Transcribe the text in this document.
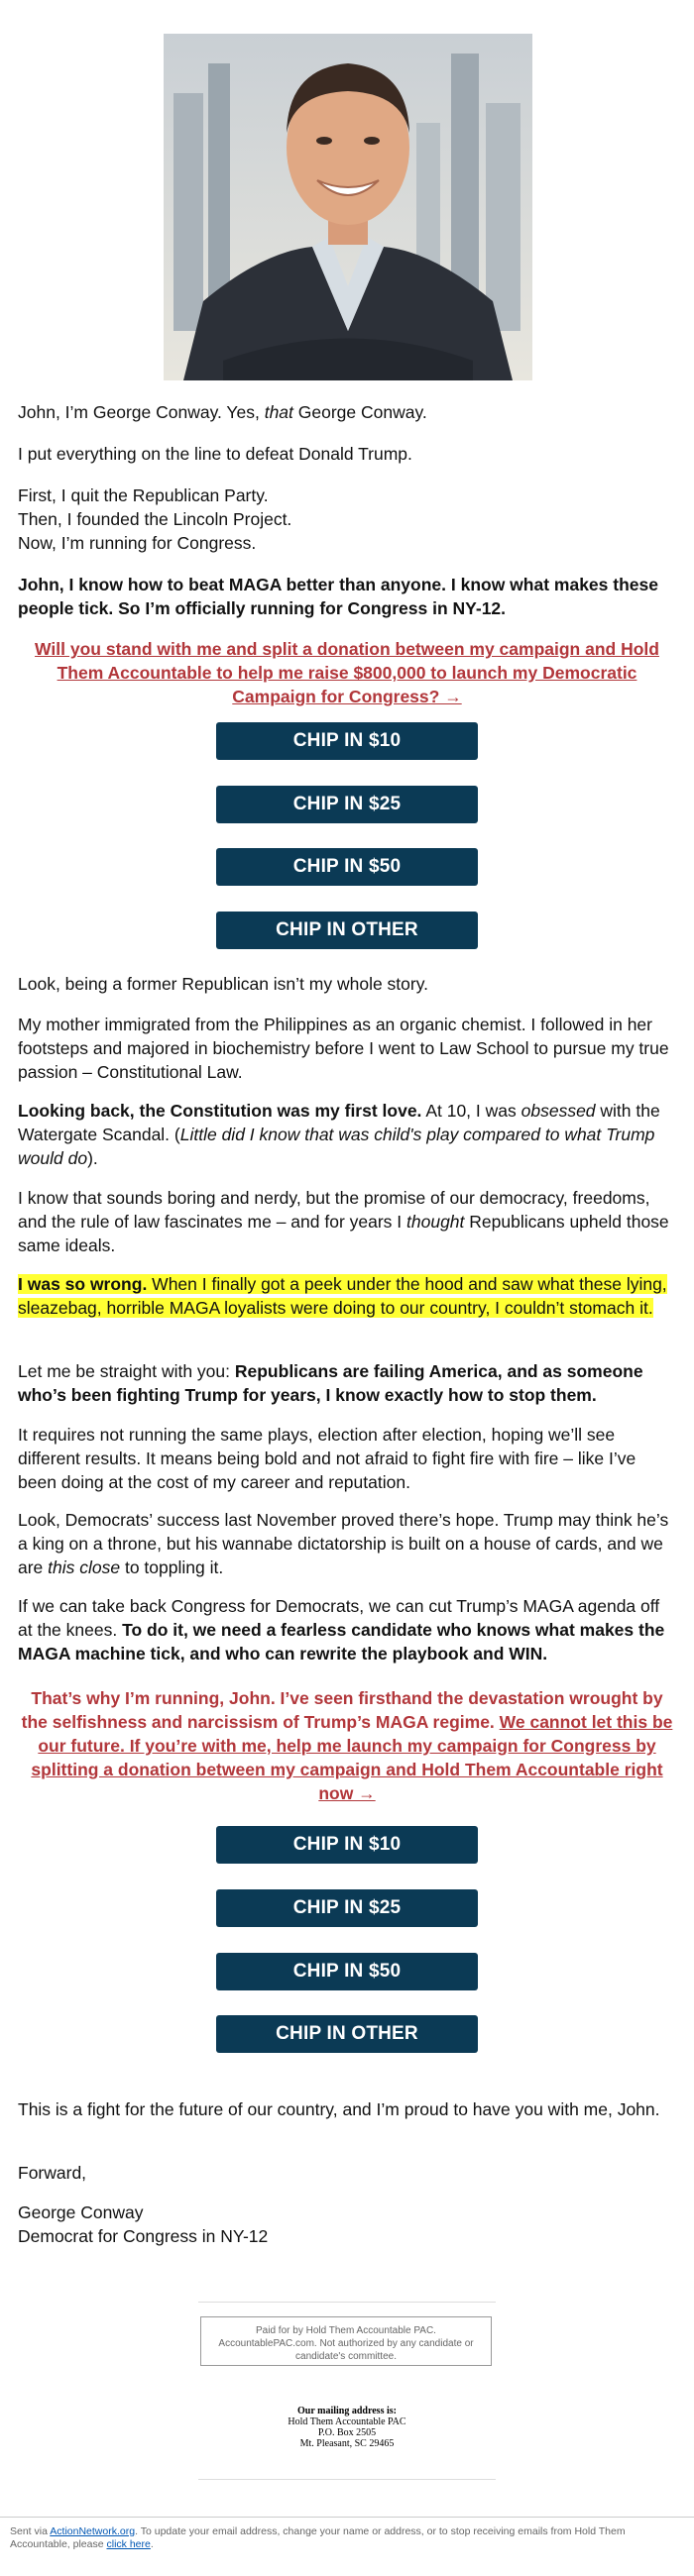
John, I’m George Conway. Yes, that George Conway.

I put everything on the line to defeat Donald Trump.

First, I quit the Republican Party.
Then, I founded the Lincoln Project.
Now, I’m running for Congress.

John, I know how to beat MAGA better than anyone. I know what makes these people tick. So I’m officially running for Congress in NY-12.

Will you stand with me and split a donation between my campaign and Hold Them Accountable to help me raise $800,000 to launch my Democratic Campaign for Congress? →

CHIP IN $10
CHIP IN $25
CHIP IN $50
CHIP IN OTHER

Look, being a former Republican isn’t my whole story.

My mother immigrated from the Philippines as an organic chemist. I followed in her footsteps and majored in biochemistry before I went to Law School to pursue my true passion – Constitutional Law.

Looking back, the Constitution was my first love. At 10, I was obsessed with the Watergate Scandal. (Little did I know that was child's play compared to what Trump would do).

I know that sounds boring and nerdy, but the promise of our democracy, freedoms, and the rule of law fascinates me – and for years I thought Republicans upheld those same ideals.

I was so wrong. When I finally got a peek under the hood and saw what these lying, sleazebag, horrible MAGA loyalists were doing to our country, I couldn’t stomach it.

Let me be straight with you: Republicans are failing America, and as someone who’s been fighting Trump for years, I know exactly how to stop them.

It requires not running the same plays, election after election, hoping we’ll see different results. It means being bold and not afraid to fight fire with fire – like I’ve been doing at the cost of my career and reputation.

Look, Democrats’ success last November proved there’s hope. Trump may think he’s a king on a throne, but his wannabe dictatorship is built on a house of cards, and we are this close to toppling it.

If we can take back Congress for Democrats, we can cut Trump’s MAGA agenda off at the knees. To do it, we need a fearless candidate who knows what makes the MAGA machine tick, and who can rewrite the playbook and WIN.

That’s why I’m running, John. I’ve seen firsthand the devastation wrought by the selfishness and narcissism of Trump’s MAGA regime. We cannot let this be our future. If you’re with me, help me launch my campaign for Congress by splitting a donation between my campaign and Hold Them Accountable right now →

CHIP IN $10
CHIP IN $25
CHIP IN $50
CHIP IN OTHER

This is a fight for the future of our country, and I’m proud to have you with me, John.

Forward,

George Conway
Democrat for Congress in NY-12

Paid for by Hold Them Accountable PAC.
AccountablePAC.com. Not authorized by any candidate or
candidate's committee.
Our mailing address is:
Hold Them Accountable PAC
P.O. Box 2505
Mt. Pleasant, SC 29465
Sent via ActionNetwork.org. To update your email address, change your name or address, or to stop receiving emails from Hold Them Accountable, please click here.
